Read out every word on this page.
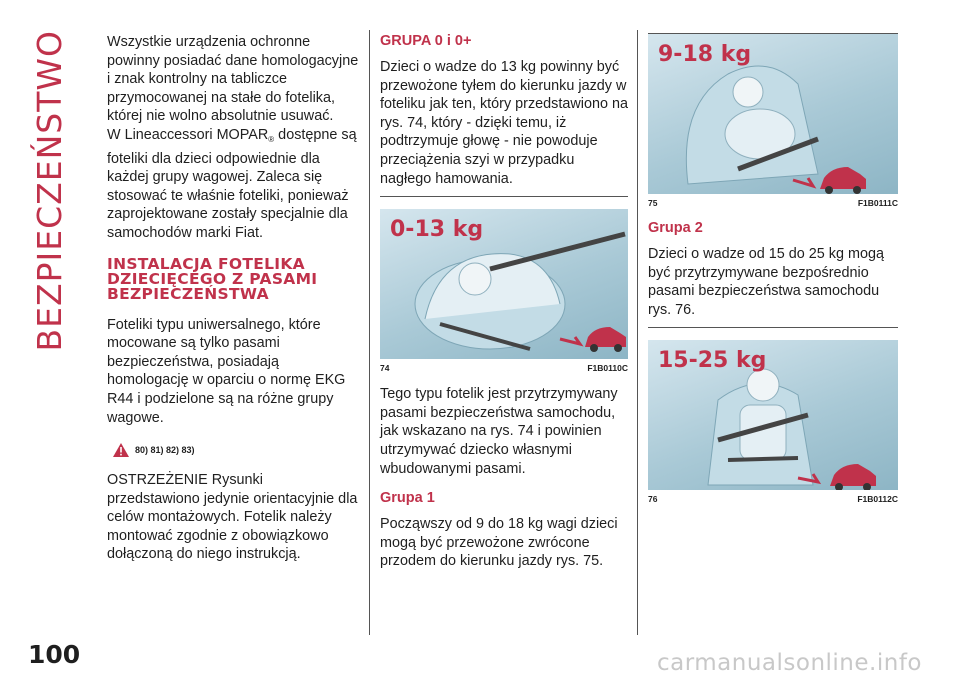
BEZPIECZEŃSTWO
100	carmanualsonline.info

Wszystkie urządzenia ochronne powinny posiadać dane homologacyjne i znak kontrolny na tabliczce przymocowanej na stałe do fotelika, której nie wolno absolutnie usuwać.

W Lineaccessori $MOPAR_®$ dostępne są foteliki dla dzieci odpowiednie dla każdej grupy wagowej. Zaleca się stosować te właśnie foteliki, ponieważ zaprojektowane zostały specjalnie dla samochodów marki Fiat.

INSTALACJA FOTELIKA DZIECIĘCEGO Z PASAMI BEZPIECZEŃSTWA

Foteliki typu uniwersalnego, które mocowane są tylko pasami bezpieczeństwa, posiadają homologację w oparciu o normę EKG R44 i podzielone są na różne grupy wagowe.

80) 81) 82) 83)

OSTRZEŻENIE Rysunki przedstawiono jedynie orientacyjnie dla celów montażowych. Fotelik należy montować zgodnie z obowiązkowo dołączoną do niego instrukcją.

GRUPA 0 i 0+

Dzieci o wadze do 13 kg powinny być przewożone tyłem do kierunku jazdy w foteliku jak ten, który przedstawiono na rys. 74, który - dzięki temu, iż podtrzymuje głowę - nie powoduje przeciążenia szyi w przypadku nagłego hamowania.

0-13 kg
74	F1B0110C

Tego typu fotelik jest przytrzymywany pasami bezpieczeństwa samochodu, jak wskazano na rys. 74 i powinien utrzymywać dziecko własnymi wbudowanymi pasami.

Grupa 1

Począwszy od 9 do 18 kg wagi dzieci mogą być przewożone zwrócone przodem do kierunku jazdy rys. 75.

9-18 kg
75	F1B0111C
Grupa 2

Dzieci o wadze od 15 do 25 kg mogą być przytrzymywane bezpośrednio pasami bezpieczeństwa samochodu rys. 76.

15-25 kg
76	F1B0112C
